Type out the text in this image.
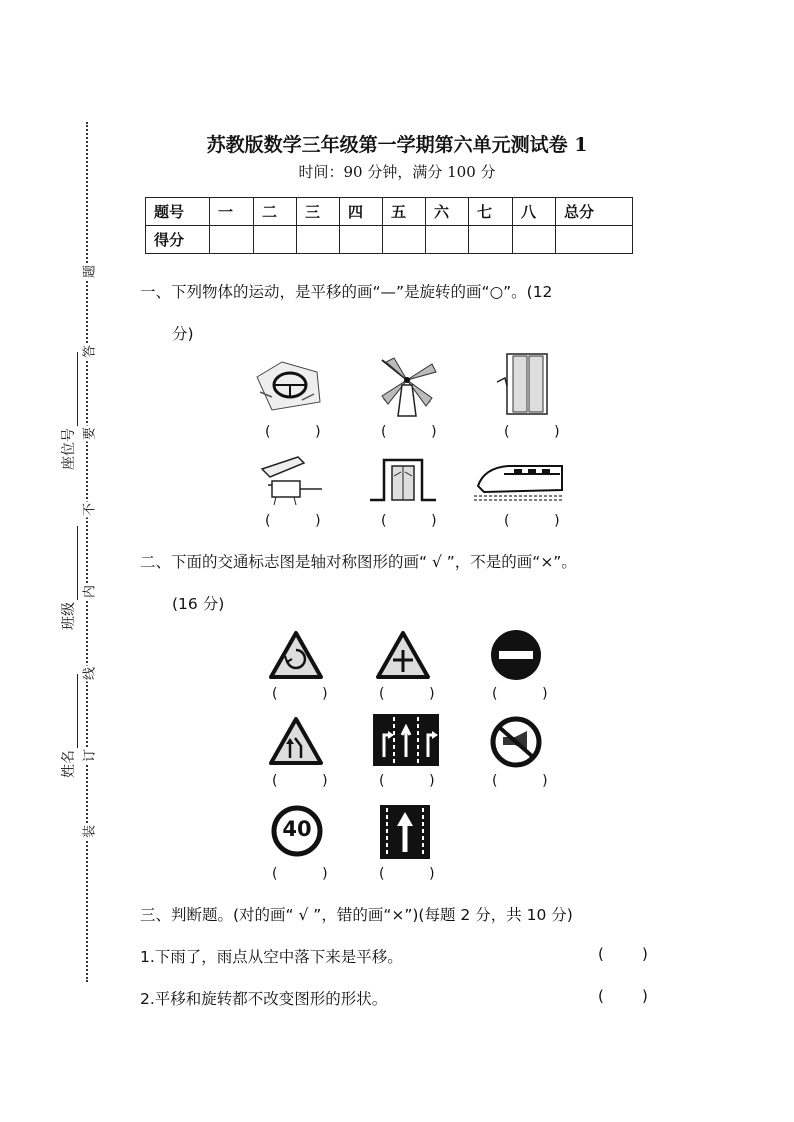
题
答
要
不
内
线
订
装
座位号
班级
姓名
苏教版数学三年级第一学期第六单元测试卷 1
时间：90 分钟，满分 100 分
题号	一	二	三	四	五	六	七	八	总分
得分									
一、下列物体的运动，是平移的画“—”是旋转的画“○”。(12
分)
(        )	(        )	(        )
(        )	(        )	(        )
二、下面的交通标志图是轴对称图形的画“ √ ”，不是的画“×”。
(16 分)
(        )	(        )	(        )
(        )	(        )	(        )
40
(        )	(        )
三、判断题。(对的画“ √ ”，错的画“×”)(每题 2 分，共 10 分)
1.下雨了，雨点从空中落下来是平移。	(        )
2.平移和旋转都不改变图形的形状。	(        )
